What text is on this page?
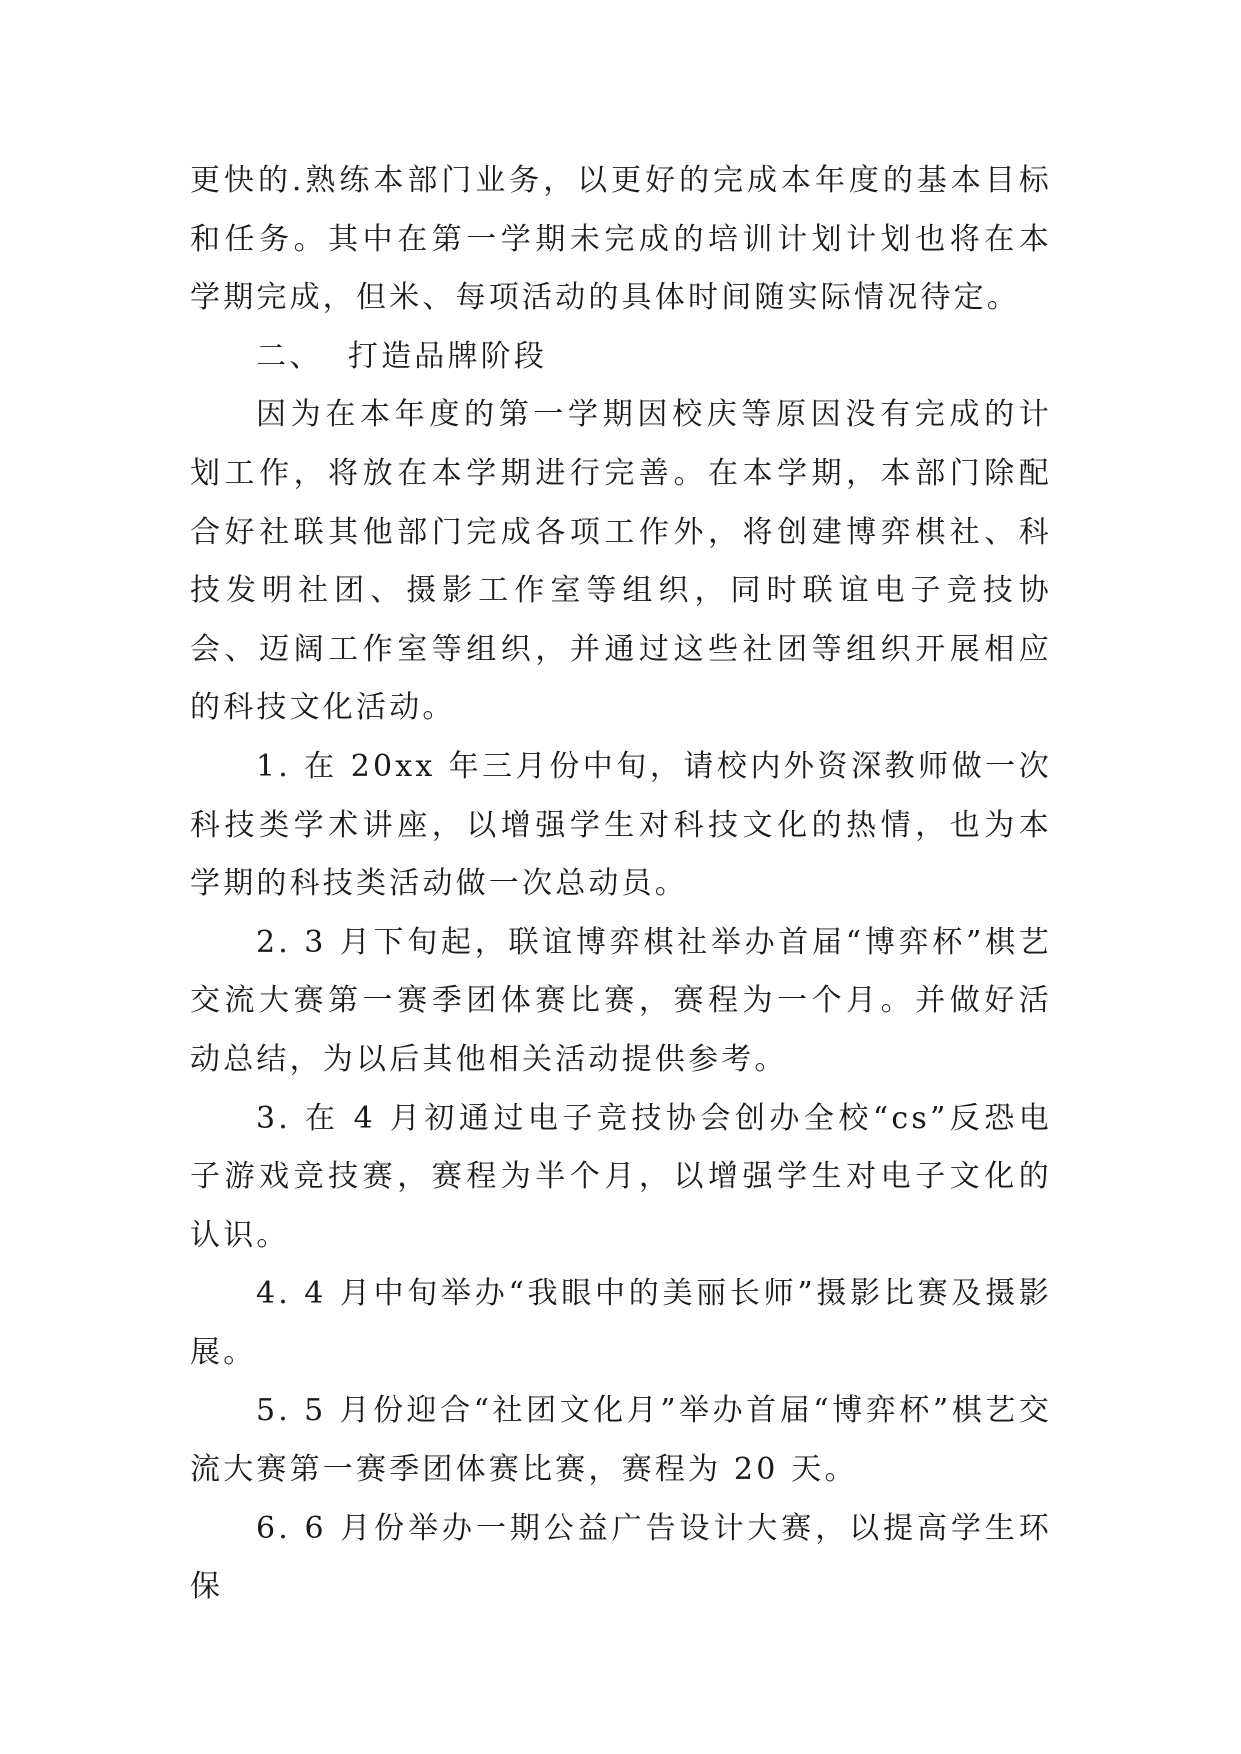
更快的.熟练本部门业务，以更好的完成本年度的基本目标和任务。其中在第一学期未完成的培训计划计划也将在本学期完成，但米、每项活动的具体时间随实际情况待定。

二、  打造品牌阶段

因为在本年度的第一学期因校庆等原因没有完成的计划工作，将放在本学期进行完善。在本学期，本部门除配合好社联其他部门完成各项工作外，将创建博弈棋社、科技发明社团、摄影工作室等组织，同时联谊电子竞技协会、迈阔工作室等组织，并通过这些社团等组织开展相应的科技文化活动。

1. 在 20xx 年三月份中旬，请校内外资深教师做一次科技类学术讲座，以增强学生对科技文化的热情，也为本学期的科技类活动做一次总动员。

2. 3 月下旬起，联谊博弈棋社举办首届“博弈杯”棋艺交流大赛第一赛季团体赛比赛，赛程为一个月。并做好活动总结，为以后其他相关活动提供参考。

3. 在 4 月初通过电子竞技协会创办全校“cs”反恐电子游戏竞技赛，赛程为半个月，以增强学生对电子文化的认识。

4. 4 月中旬举办“我眼中的美丽长师”摄影比赛及摄影展。

5. 5 月份迎合“社团文化月”举办首届“博弈杯”棋艺交流大赛第一赛季团体赛比赛，赛程为 20 天。

6. 6 月份举办一期公益广告设计大赛，以提高学生环保
